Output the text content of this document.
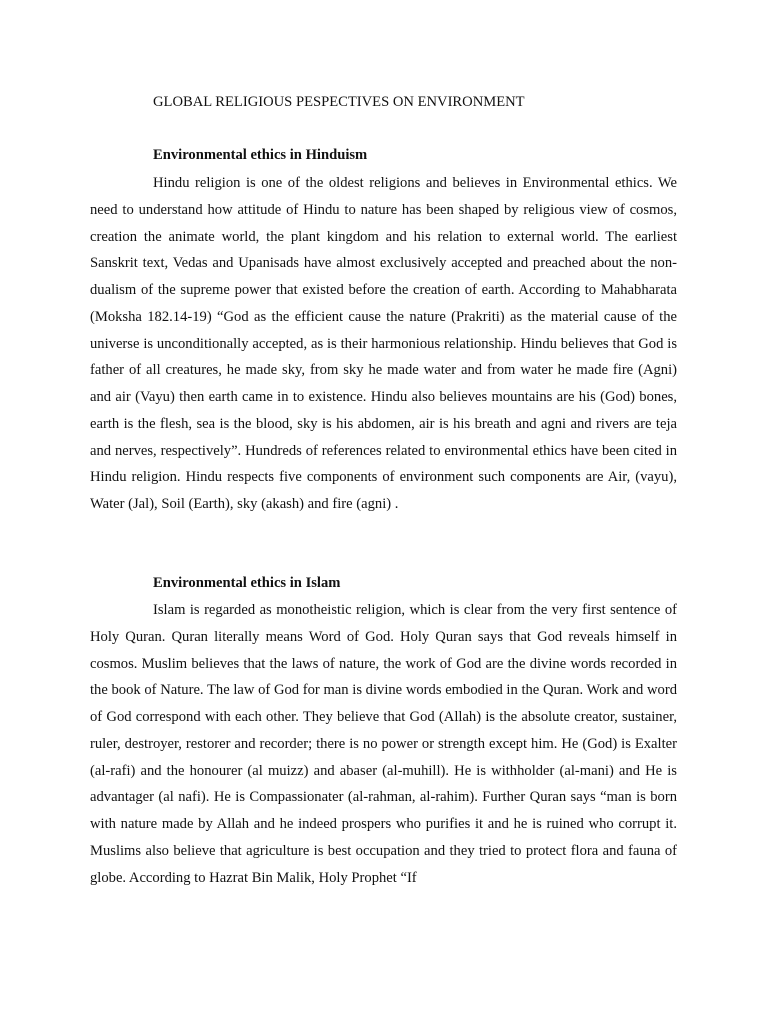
GLOBAL RELIGIOUS PESPECTIVES ON ENVIRONMENT
Environmental ethics in Hinduism

Hindu religion is one of the oldest religions and believes in Environmental ethics. We need to understand how attitude of Hindu to nature has been shaped by religious view of cosmos, creation the animate world, the plant kingdom and his relation to external world. The earliest Sanskrit text, Vedas and Upanisads have almost exclusively accepted and preached about the non-dualism of the supreme power that existed before the creation of earth. According to Mahabharata (Moksha 182.14-19) “God as the efficient cause the nature (Prakriti) as the material cause of the universe is unconditionally accepted, as is their harmonious relationship. Hindu believes that God is father of all creatures, he made sky, from sky he made water and from water he made fire (Agni) and air (Vayu) then earth came in to existence. Hindu also believes mountains are his (God) bones, earth is the flesh, sea is the blood, sky is his abdomen, air is his breath and agni and rivers are teja and nerves, respectively”. Hundreds of references related to environmental ethics have been cited in Hindu religion. Hindu respects five components of environment such components are Air, (vayu), Water (Jal), Soil (Earth), sky (akash) and fire (agni) .

Environmental ethics in Islam

Islam is regarded as monotheistic religion, which is clear from the very first sentence of Holy Quran. Quran literally means Word of God. Holy Quran says that God reveals himself in cosmos. Muslim believes that the laws of nature, the work of God are the divine words recorded in the book of Nature. The law of God for man is divine words embodied in the Quran. Work and word of God correspond with each other. They believe that God (Allah) is the absolute creator, sustainer, ruler, destroyer, restorer and recorder; there is no power or strength except him. He (God) is Exalter (al-rafi) and the honourer (al muizz) and abaser (al-muhill). He is withholder (al-mani) and He is advantager (al nafi). He is Compassionater (al-rahman, al-rahim). Further Quran says “man is born with nature made by Allah and he indeed prospers who purifies it and he is ruined who corrupt it. Muslims also believe that agriculture is best occupation and they tried to protect flora and fauna of globe. According to Hazrat Bin Malik, Holy Prophet “If
